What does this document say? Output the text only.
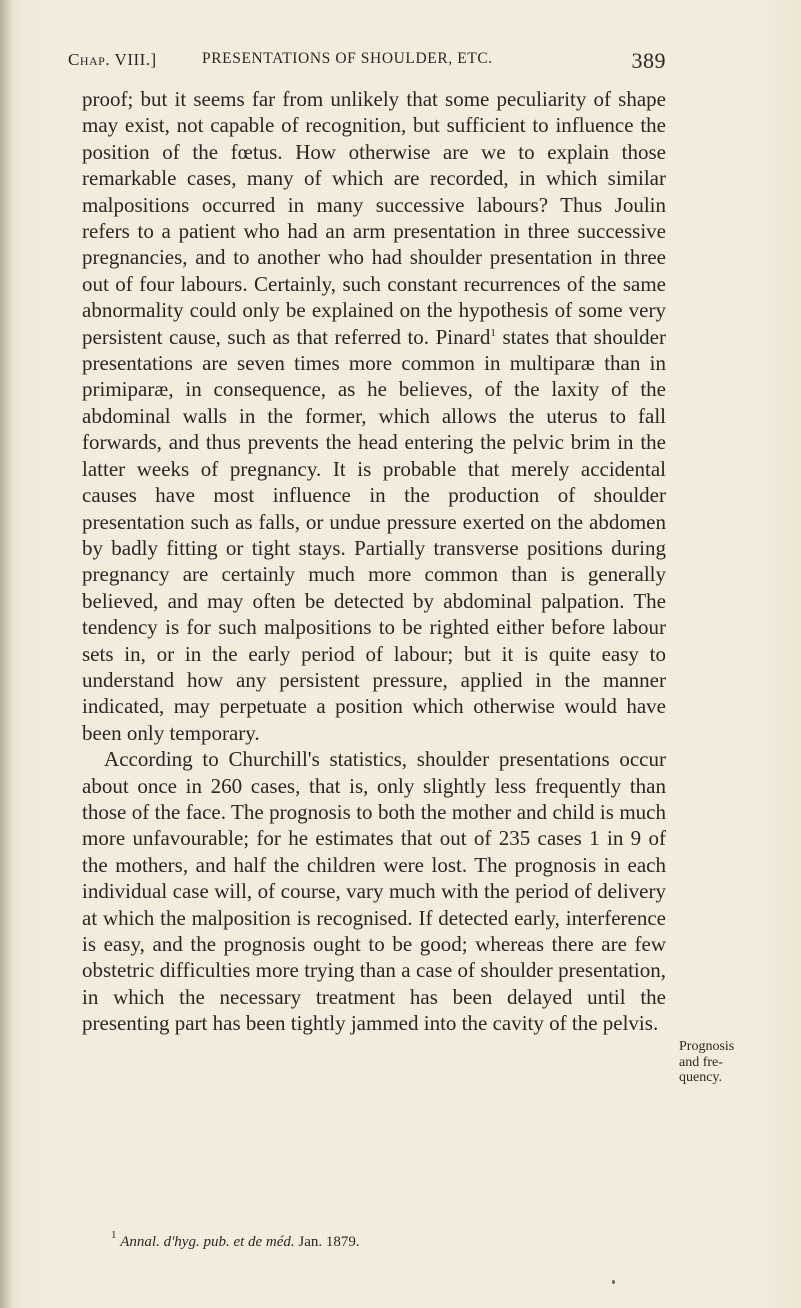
Chap. VIII.]	PRESENTATIONS OF SHOULDER, ETC.	389

proof; but it seems far from unlikely that some peculiarity of shape may exist, not capable of recognition, but sufficient to influence the position of the fœtus. How otherwise are we to explain those remarkable cases, many of which are recorded, in which similar malpositions occurred in many successive labours? Thus Joulin refers to a patient who had an arm presentation in three successive pregnancies, and to another who had shoulder presentation in three out of four labours. Certainly, such constant recurrences of the same abnormality could only be explained on the hypothesis of some very persistent cause, such as that referred to. Pinard$^1$ states that shoulder presentations are seven times more common in multiparæ than in primiparæ, in consequence, as he believes, of the laxity of the abdominal walls in the former, which allows the uterus to fall forwards, and thus prevents the head entering the pelvic brim in the latter weeks of pregnancy. It is probable that merely accidental causes have most influence in the production of shoulder presentation such as falls, or undue pressure exerted on the abdomen by badly fitting or tight stays. Partially transverse positions during pregnancy are certainly much more common than is generally believed, and may often be detected by abdominal palpation. The tendency is for such malpositions to be righted either before labour sets in, or in the early period of labour; but it is quite easy to understand how any persistent pressure, applied in the manner indicated, may perpetuate a position which otherwise would have been only temporary.

According to Churchill's statistics, shoulder presentations occur about once in 260 cases, that is, only slightly less frequently than those of the face. The prognosis to both the mother and child is much more unfavourable; for he estimates that out of 235 cases 1 in 9 of the mothers, and half the children were lost. The prognosis in each individual case will, of course, vary much with the period of delivery at which the malposition is recognised. If detected early, interference is easy, and the prognosis ought to be good; whereas there are few obstetric difficulties more trying than a case of shoulder presentation, in which the necessary treatment has been delayed until the presenting part has been tightly jammed into the cavity of the pelvis.

Prognosis
and fre-
quency.
$^1$ Annal. d'hyg. pub. et de méd. Jan. 1879.
